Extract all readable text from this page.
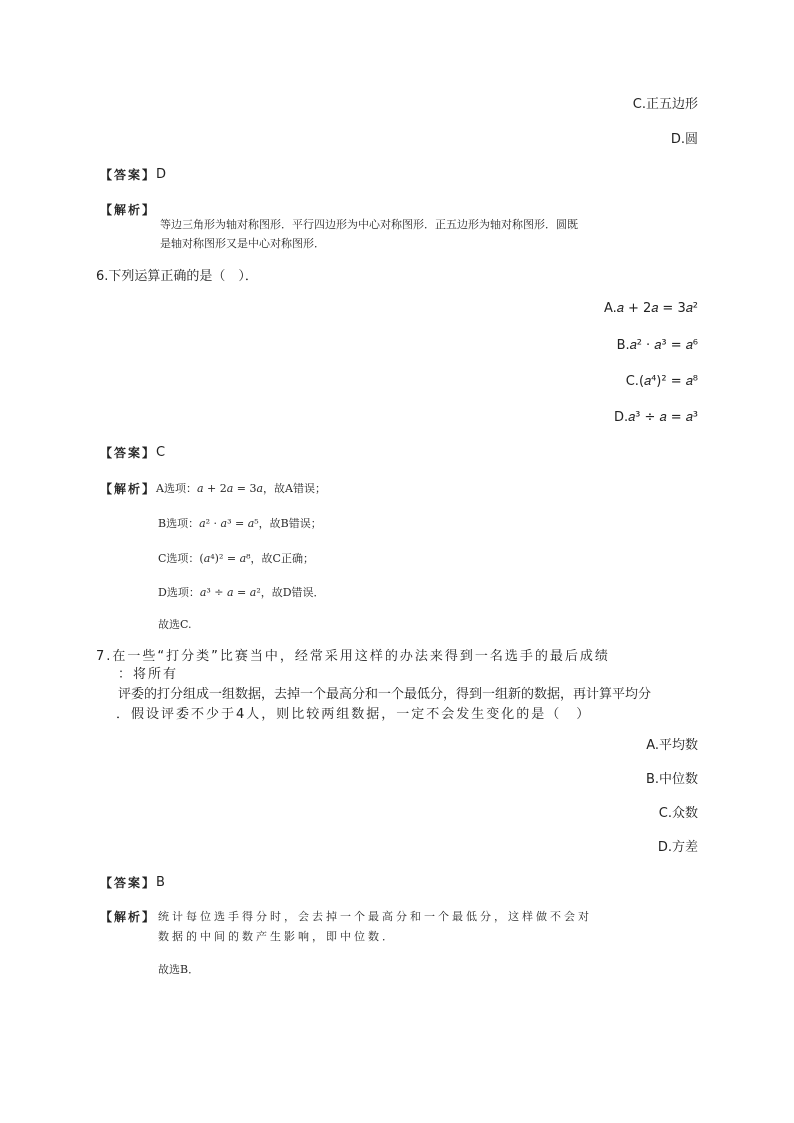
C.正五边形
D.圆
【答案】 D
【解析】
等边三角形为轴对称图形．平行四边形为中心对称图形．正五边形为轴对称图形．圆既
是轴对称图形又是中心对称图形．
6.下列运算正确的是（　）．
A.𝑎 + 2𝑎 = 3𝑎²
B.𝑎² · 𝑎³ = 𝑎⁶
C.(𝑎⁴)² = 𝑎⁸
D.𝑎³ ÷ 𝑎 = 𝑎³
【答案】 C
【解析】 A选项：𝑎 + 2𝑎 = 3𝑎，故A错误；
B选项：𝑎² · 𝑎³ = 𝑎⁵，故B错误；
C选项：(𝑎⁴)² = 𝑎⁸，故C正确；
D选项：𝑎³ ÷ 𝑎 = 𝑎²，故D错误．
故选C.
7.在一些“打分类”比赛当中，经常采用这样的办法来得到一名选手的最后成绩
：将所有
评委的打分组成一组数据，去掉一个最高分和一个最低分，得到一组新的数据，再计算平均分
．假设评委不少于4人，则比较两组数据，一定不会发生变化的是（　）
A.平均数
B.中位数
C.众数
D.方差
【答案】 B
【解析】 统计每位选手得分时，会去掉一个最高分和一个最低分，这样做不会对
数据的中间的数产生影响，即中位数．
故选B．
